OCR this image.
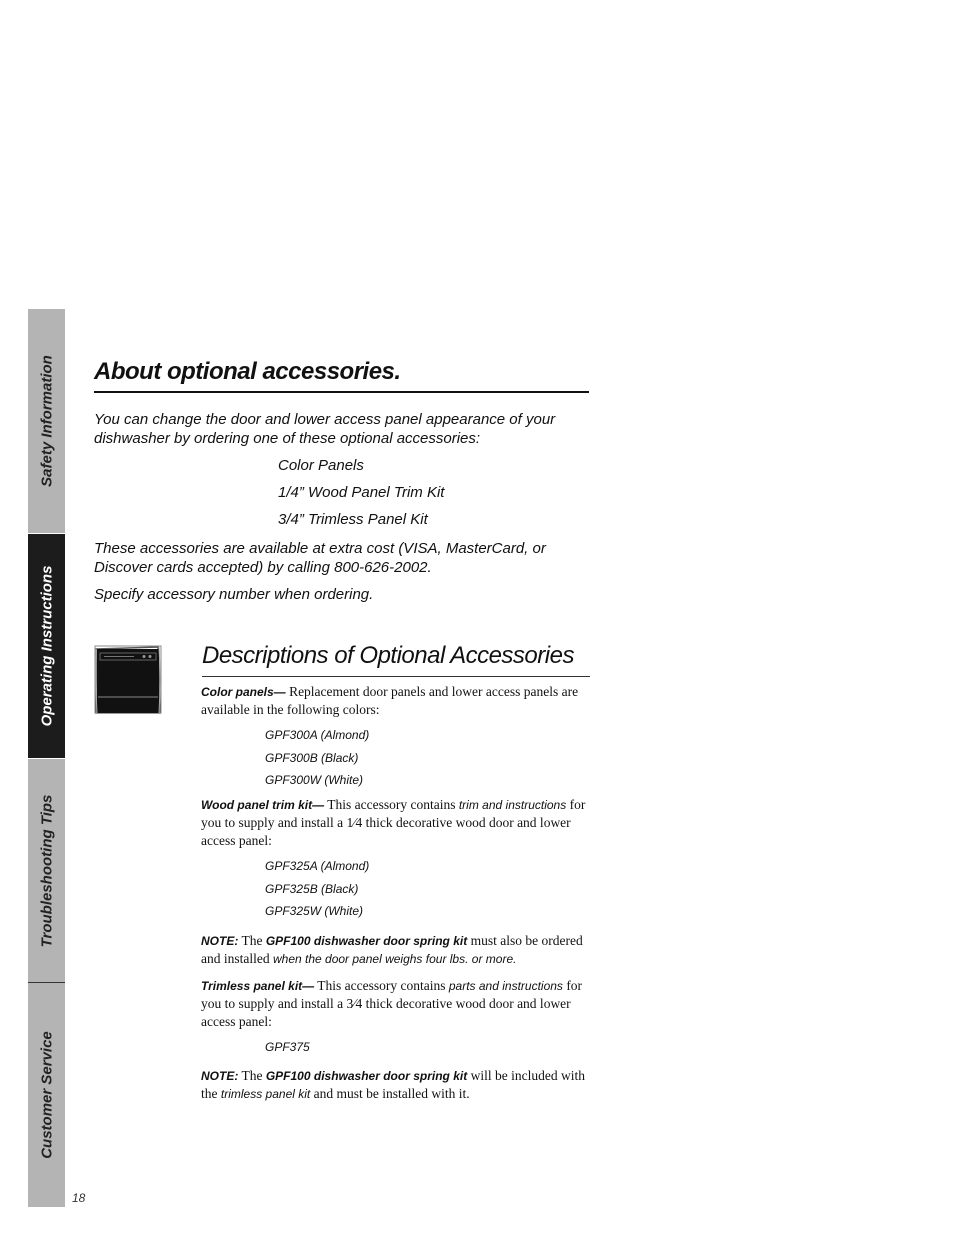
Safety Information
Operating Instructions
Troubleshooting Tips
Customer Service
18
About optional accessories.
You can change the door and lower access panel appearance of your dishwasher by ordering one of these optional accessories:
Color Panels
1/4” Wood Panel Trim Kit
3/4” Trimless Panel Kit
These accessories are available at extra cost (VISA, MasterCard, or Discover cards accepted) by calling 800-626-2002.
Specify accessory number when ordering.
Descriptions of Optional Accessories
Color panels— Replacement door panels and lower access panels are available in the following colors:
GPF300A (Almond)
GPF300B (Black)
GPF300W (White)
Wood panel trim kit— This accessory contains trim and instructions for you to supply and install a 1⁄4 thick decorative wood door and lower access panel:
GPF325A (Almond)
GPF325B (Black)
GPF325W (White)
NOTE: The GPF100 dishwasher door spring kit must also be ordered and installed when the door panel weighs four lbs. or more.
Trimless panel kit— This accessory contains parts and instructions for you to supply and install a 3⁄4 thick decorative wood door and lower access panel:
GPF375
NOTE: The GPF100 dishwasher door spring kit will be included with the trimless panel kit and must be installed with it.
